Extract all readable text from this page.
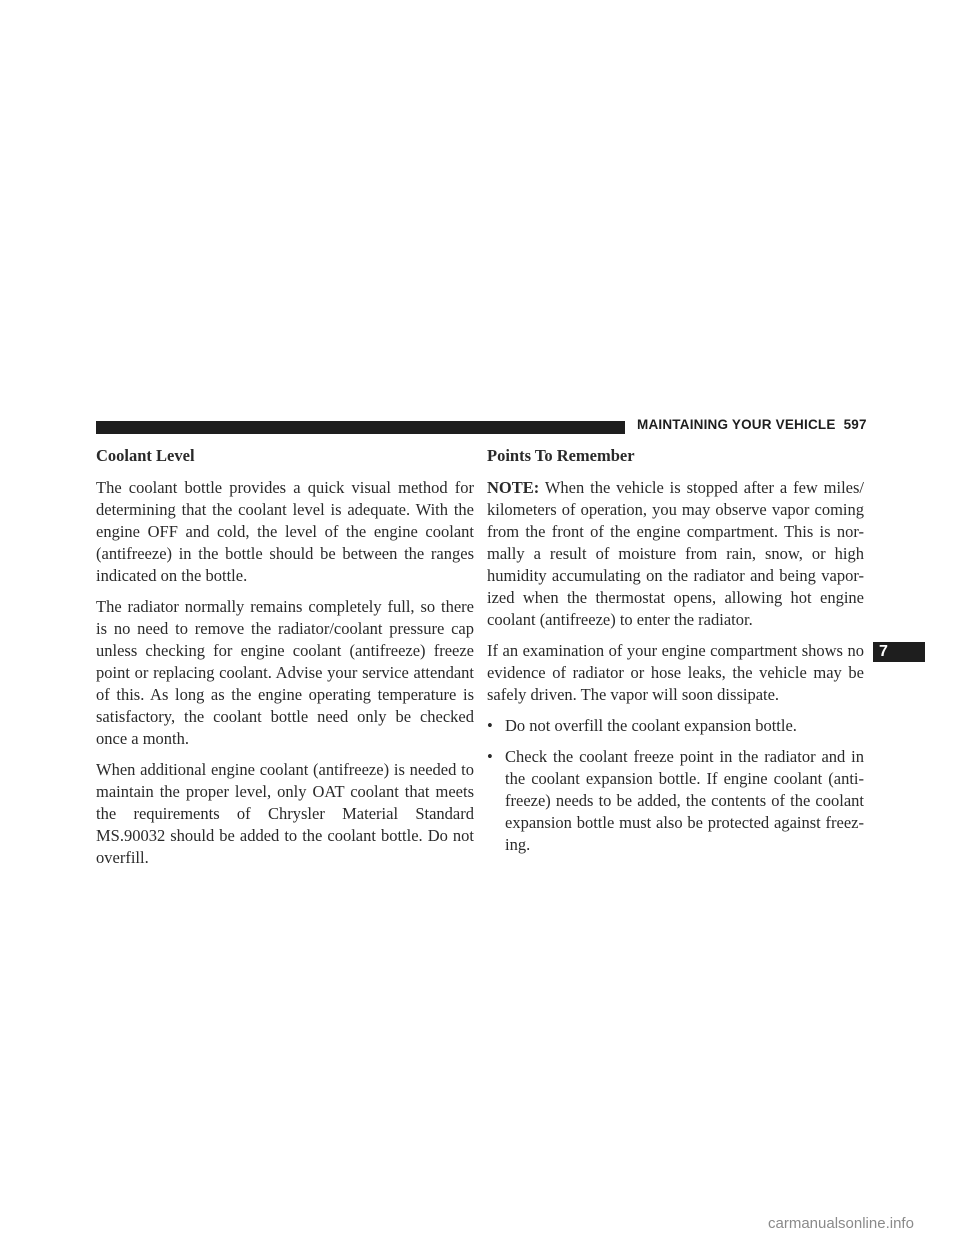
MAINTAINING YOUR VEHICLE 597
Coolant Level

The coolant bottle provides a quick visual method for determining that the coolant level is adequate. With the engine OFF and cold, the level of the engine coolant (antifreeze) in the bottle should be between the ranges indicated on the bottle.

The radiator normally remains completely full, so there is no need to remove the radiator/coolant pressure cap unless checking for engine coolant (antifreeze) freeze point or replacing coolant. Advise your service attendant of this. As long as the engine operating temperature is satisfactory, the coolant bottle need only be checked once a month.

When additional engine coolant (antifreeze) is needed to maintain the proper level, only OAT coolant that meets the requirements of Chrysler Material Standard MS.90032 should be added to the coolant bottle. Do not overfill.

Points To Remember

NOTE: When the vehicle is stopped after a few miles/ kilometers of operation, you may observe vapor coming from the front of the engine compartment. This is nor-mally a result of moisture from rain, snow, or high humidity accumulating on the radiator and being vapor-ized when the thermostat opens, allowing hot engine coolant (antifreeze) to enter the radiator.

If an examination of your engine compartment shows no evidence of radiator or hose leaks, the vehicle may be safely driven. The vapor will soon dissipate.

• Do not overfill the coolant expansion bottle.
• Check the coolant freeze point in the radiator and in the coolant expansion bottle. If engine coolant (anti-freeze) needs to be added, the contents of the coolant expansion bottle must also be protected against freez-ing.
7
carmanualsonline.info
